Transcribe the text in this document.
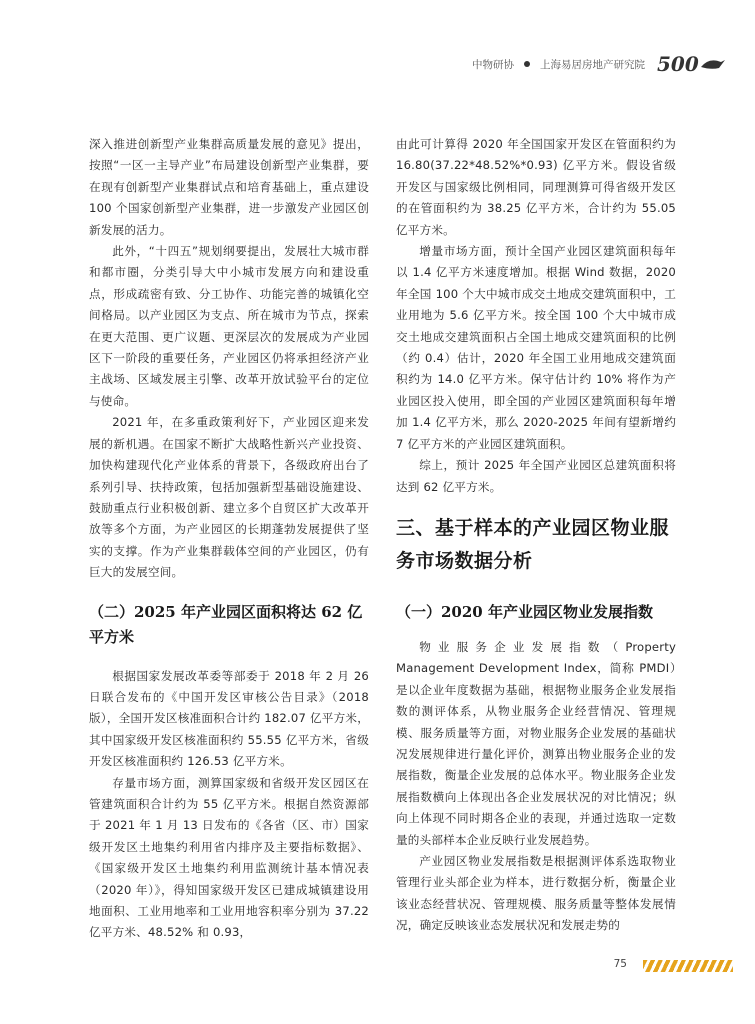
中物研协 上海易居房地产研究院 500

深入推进创新型产业集群高质量发展的意见》提出，按照“一区一主导产业”布局建设创新型产业集群，要在现有创新型产业集群试点和培育基础上，重点建设 100 个国家创新型产业集群，进一步激发产业园区创新发展的活力。

此外，“十四五”规划纲要提出，发展壮大城市群和都市圈，分类引导大中小城市发展方向和建设重点，形成疏密有致、分工协作、功能完善的城镇化空间格局。以产业园区为支点、所在城市为节点，探索在更大范围、更广议题、更深层次的发展成为产业园区下一阶段的重要任务，产业园区仍将承担经济产业主战场、区域发展主引擎、改革开放试验平台的定位与使命。

2021 年，在多重政策利好下，产业园区迎来发展的新机遇。在国家不断扩大战略性新兴产业投资、加快构建现代化产业体系的背景下，各级政府出台了系列引导、扶持政策，包括加强新型基础设施建设、鼓励重点行业积极创新、建立多个自贸区扩大改革开放等多个方面，为产业园区的长期蓬勃发展提供了坚实的支撑。作为产业集群载体空间的产业园区，仍有巨大的发展空间。

（二）2025 年产业园区面积将达 62 亿平方米

根据国家发展改革委等部委于 2018 年 2 月 26 日联合发布的《中国开发区审核公告目录》（2018 版），全国开发区核准面积合计约 182.07 亿平方米，其中国家级开发区核准面积约 55.55 亿平方米，省级开发区核准面积约 126.53 亿平方米。

存量市场方面，测算国家级和省级开发区园区在管建筑面积合计约为 55 亿平方米。根据自然资源部于 2021 年 1 月 13 日发布的《各省（区、市）国家级开发区土地集约利用省内排序及主要指标数据》、《国家级开发区土地集约利用监测统计基本情况表（2020 年）》，得知国家级开发区已建成城镇建设用地面积、工业用地率和工业用地容积率分别为 37.22 亿平方米、48.52% 和 0.93，

由此可计算得 2020 年全国国家开发区在管面积约为 16.80(37.22*48.52%*0.93) 亿平方米。假设省级开发区与国家级比例相同，同理测算可得省级开发区的在管面积约为 38.25 亿平方米，合计约为 55.05 亿平方米。

增量市场方面，预计全国产业园区建筑面积每年以 1.4 亿平方米速度增加。根据 Wind 数据，2020 年全国 100 个大中城市成交土地成交建筑面积中，工业用地为 5.6 亿平方米。按全国 100 个大中城市成交土地成交建筑面积占全国土地成交建筑面积的比例（约 0.4）估计，2020 年全国工业用地成交建筑面积约为 14.0 亿平方米。保守估计约 10% 将作为产业园区投入使用，即全国的产业园区建筑面积每年增加 1.4 亿平方米，那么 2020-2025 年间有望新增约 7 亿平方米的产业园区建筑面积。

综上，预计 2025 年全国产业园区总建筑面积将达到 62 亿平方米。

三、基于样本的产业园区物业服务市场数据分析
（一）2020 年产业园区物业发展指数

物业服务企业发展指数（Property Management Development Index，简称 PMDI）是以企业年度数据为基础，根据物业服务企业发展指数的测评体系，从物业服务企业经营情况、管理规模、服务质量等方面，对物业服务企业发展的基础状况发展规律进行量化评价，测算出物业服务企业的发展指数，衡量企业发展的总体水平。物业服务企业发展指数横向上体现出各企业发展状况的对比情况；纵向上体现不同时期各企业的表现，并通过选取一定数量的头部样本企业反映行业发展趋势。

产业园区物业发展指数是根据测评体系选取物业管理行业头部企业为样本，进行数据分析，衡量企业该业态经营状况、管理规模、服务质量等整体发展情况，确定反映该业态发展状况和发展走势的

75
